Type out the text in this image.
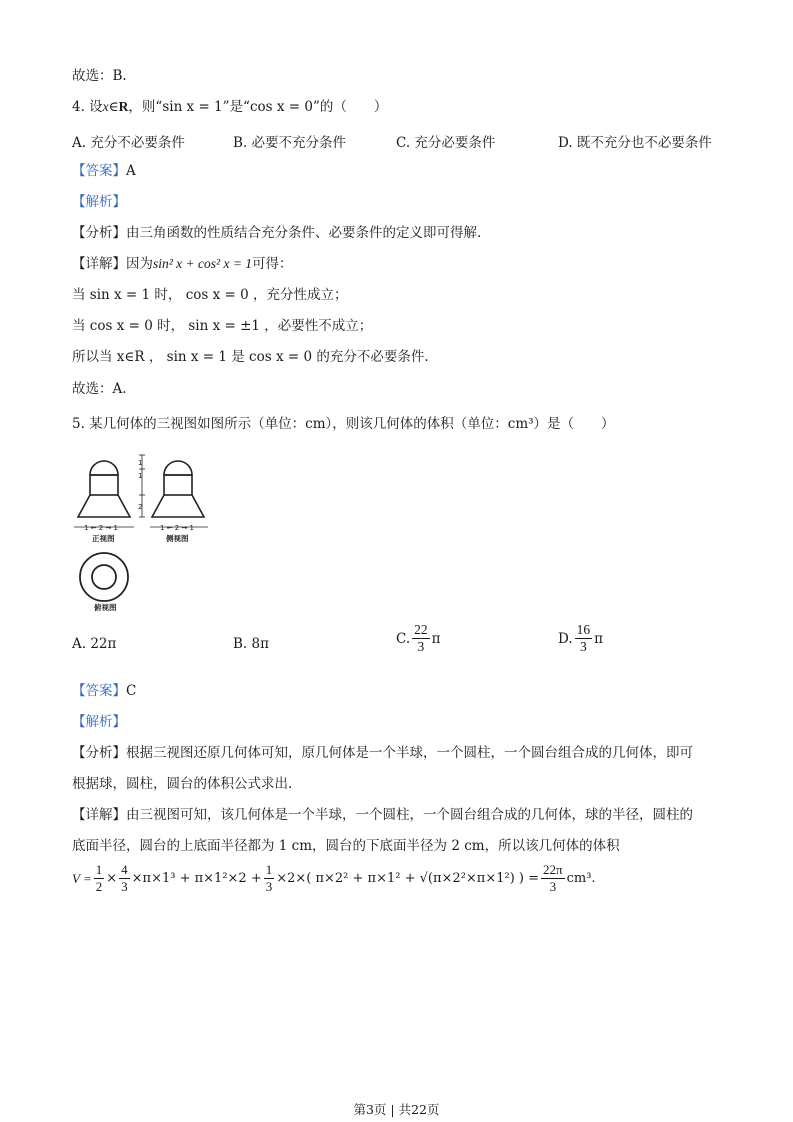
故选：B.
4. 设x∈R，则“sin x = 1”是“cos x = 0”的（　　）
A. 充分不必要条件	B. 必要不充分条件	C. 充分必要条件	D. 既不充分也不必要条件
【答案】A
【解析】
【分析】由三角函数的性质结合充分条件、必要条件的定义即可得解.
【详解】因为sin² x + cos² x = 1可得：
当 sin x = 1 时， cos x = 0 ，充分性成立；
当 cos x = 0 时， sin x = ±1 ，必要性不成立；
所以当 x∈R ， sin x = 1 是 cos x = 0 的充分不必要条件.
故选：A.
5. 某几何体的三视图如图所示（单位：cm），则该几何体的体积（单位：cm³）是（　　）
1
1
2
1 ← 2 → 1	1 ← 2 → 1
正视图	侧视图
俯视图
A. 22π	B. 8π	C. $\frac{22}{3}$ π	D. $\frac{16}{3}$ π
【答案】C
【解析】
【分析】根据三视图还原几何体可知，原几何体是一个半球，一个圆柱，一个圆台组合成的几何体，即可
根据球，圆柱，圆台的体积公式求出.
【详解】由三视图可知，该几何体是一个半球，一个圆柱，一个圆台组合成的几何体，球的半径，圆柱的
底面半径，圆台的上底面半径都为 1 cm，圆台的下底面半径为 2 cm，所以该几何体的体积
$V = \frac{1}{2} \times \frac{4}{3} \times\pi\times 1^3 + \pi\times 1^2\times 2 + \frac{1}{3} \times 2\times$( π×2² + π×1² + √(π×2²×π×1²) ) = $\frac{22\pi}{3} cm^3$.
第3页 | 共22页
